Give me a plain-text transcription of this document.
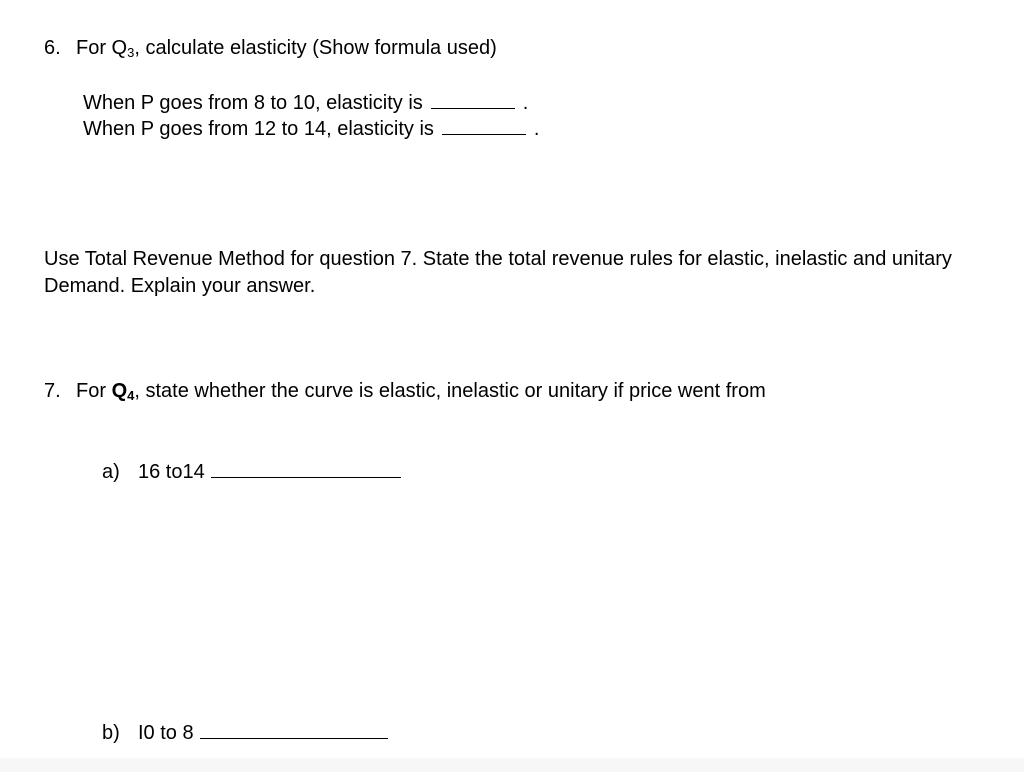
6. For $Q_3$, calculate elasticity (Show formula used)
When P goes from 8 to 10, elasticity is	.
When P goes from 12 to 14, elasticity is	.
Use Total Revenue Method for question 7. State the total revenue rules for elastic, inelastic and unitary Demand. Explain your answer.
7. For $Q_4$, state whether the curve is elastic, inelastic or unitary if price went from
a) 16 to14
b) I0 to 8
